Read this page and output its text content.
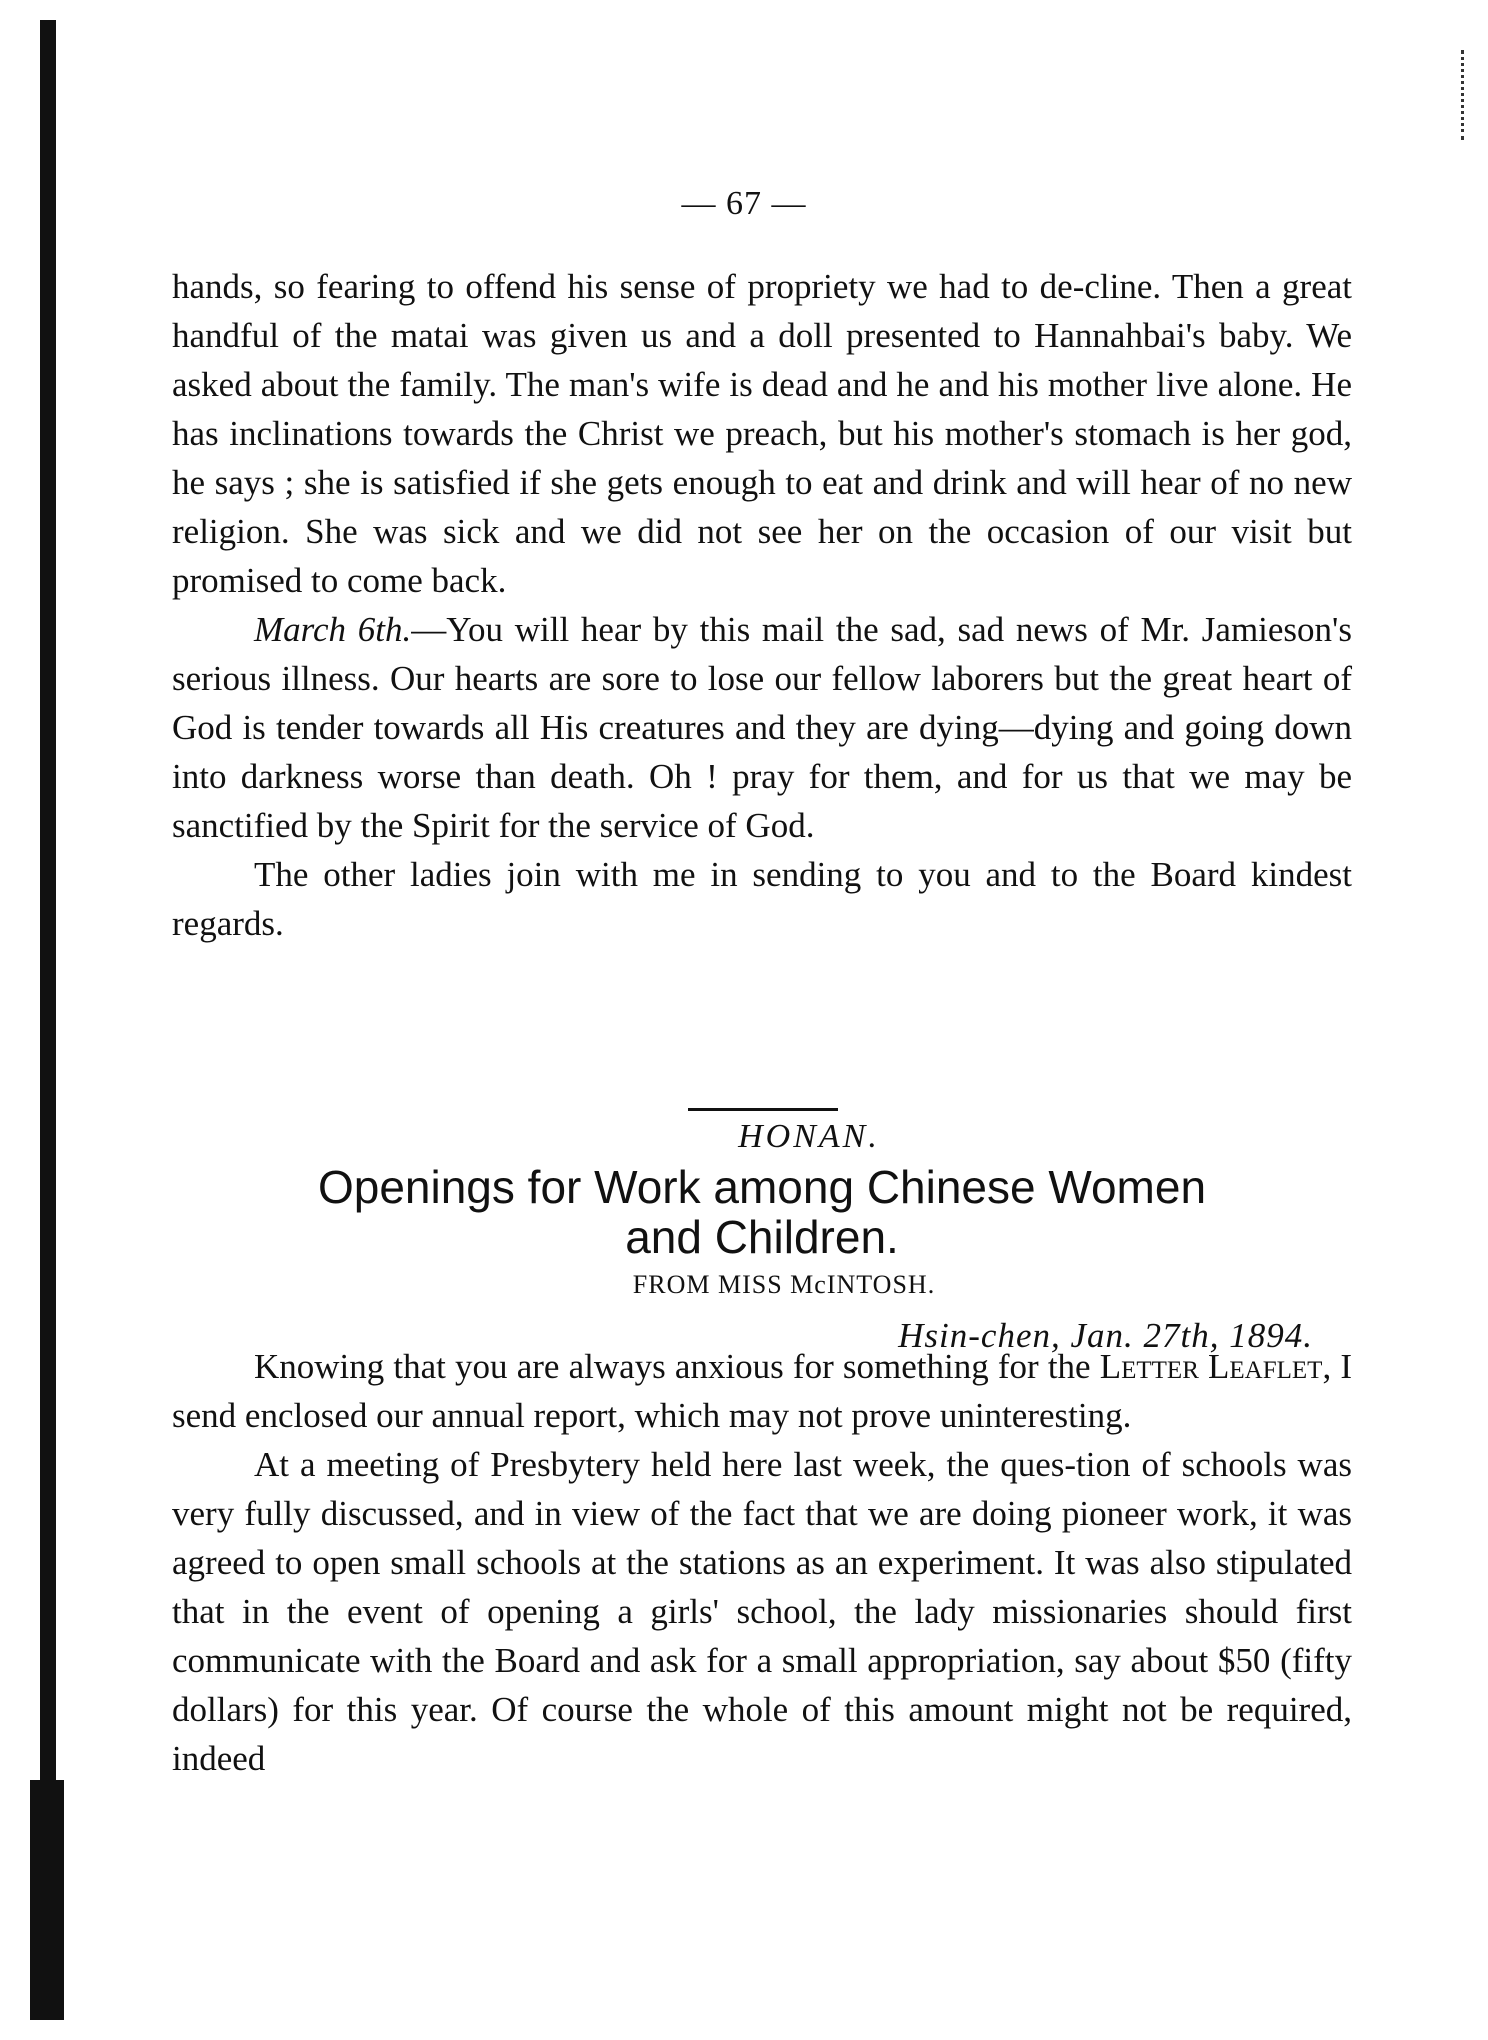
— 67 —

hands, so fearing to offend his sense of propriety we had to de-cline. Then a great handful of the matai was given us and a doll presented to Hannahbai's baby. We asked about the family. The man's wife is dead and he and his mother live alone. He has inclinations towards the Christ we preach, but his mother's stomach is her god, he says ; she is satisfied if she gets enough to eat and drink and will hear of no new religion. She was sick and we did not see her on the occasion of our visit but promised to come back.

March 6th.—You will hear by this mail the sad, sad news of Mr. Jamieson's serious illness. Our hearts are sore to lose our fellow laborers but the great heart of God is tender towards all His creatures and they are dying—dying and going down into darkness worse than death. Oh ! pray for them, and for us that we may be sanctified by the Spirit for the service of God.

The other ladies join with me in sending to you and to the Board kindest regards.

HONAN.
Openings for Work among Chinese Women
and Children.
FROM MISS McINTOSH.
Hsin-chen, Jan. 27th, 1894.

Knowing that you are always anxious for something for the Letter Leaflet, I send enclosed our annual report, which may not prove uninteresting.

At a meeting of Presbytery held here last week, the ques-tion of schools was very fully discussed, and in view of the fact that we are doing pioneer work, it was agreed to open small schools at the stations as an experiment. It was also stipulated that in the event of opening a girls' school, the lady missionaries should first communicate with the Board and ask for a small appropriation, say about $50 (fifty dollars) for this year. Of course the whole of this amount might not be required, indeed
